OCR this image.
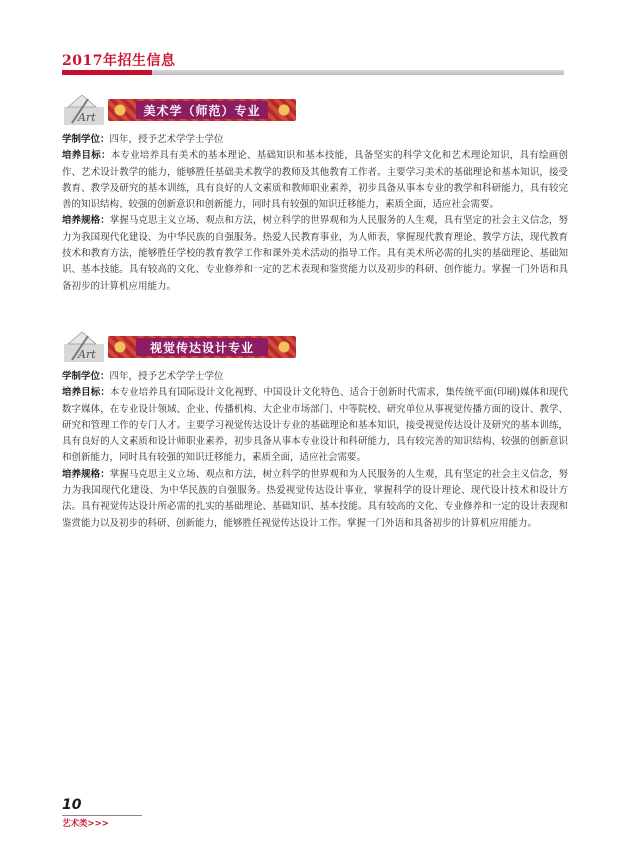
2017年招生信息
Art	美术学（师范）专业

学制学位：四年，授予艺术学学士学位

培养目标：本专业培养具有美术的基本理论、基础知识和基本技能，具备坚实的科学文化和艺术理论知识，具有绘画创作、艺术设计教学的能力，能够胜任基础美术教学的教师及其他教育工作者。主要学习美术的基础理论和基本知识，接受教育、教学及研究的基本训练，具有良好的人文素质和教师职业素养，初步具备从事本专业的教学和科研能力，具有较完善的知识结构、较强的创新意识和创新能力，同时具有较强的知识迁移能力，素质全面，适应社会需要。

培养规格：掌握马克思主义立场、观点和方法，树立科学的世界观和为人民服务的人生观，具有坚定的社会主义信念，努力为我国现代化建设、为中华民族的自强服务。热爱人民教育事业，为人师表，掌握现代教育理论、教学方法，现代教育技术和教育方法，能够胜任学校的教育教学工作和课外美术活动的指导工作。具有美术所必需的扎实的基础理论、基础知识、基本技能。具有较高的文化、专业修养和一定的艺术表现和鉴赏能力以及初步的科研、创作能力。掌握一门外语和具备初步的计算机应用能力。

Art	视觉传达设计专业

学制学位：四年，授予艺术学学士学位

培养目标：本专业培养具有国际设计文化视野、中国设计文化特色、适合于创新时代需求，集传统平面(印刷)媒体和现代数字媒体，在专业设计领域、企业、传播机构、大企业市场部门、中等院校、研究单位从事视觉传播方面的设计、教学、研究和管理工作的专门人才。主要学习视觉传达设计专业的基础理论和基本知识，接受视觉传达设计及研究的基本训练，具有良好的人文素质和设计师职业素养，初步具备从事本专业设计和科研能力，具有较完善的知识结构、较强的创新意识和创新能力，同时具有较强的知识迁移能力，素质全面，适应社会需要。

培养规格：掌握马克思主义立场、观点和方法，树立科学的世界观和为人民服务的人生观，具有坚定的社会主义信念，努力为我国现代化建设、为中华民族的自强服务。热爱视觉传达设计事业，掌握科学的设计理论、现代设计技术和设计方法。具有视觉传达设计所必需的扎实的基础理论、基础知识、基本技能。具有较高的文化、专业修养和一定的设计表现和鉴赏能力以及初步的科研、创新能力，能够胜任视觉传达设计工作。掌握一门外语和具备初步的计算机应用能力。

10
艺术类>>>
